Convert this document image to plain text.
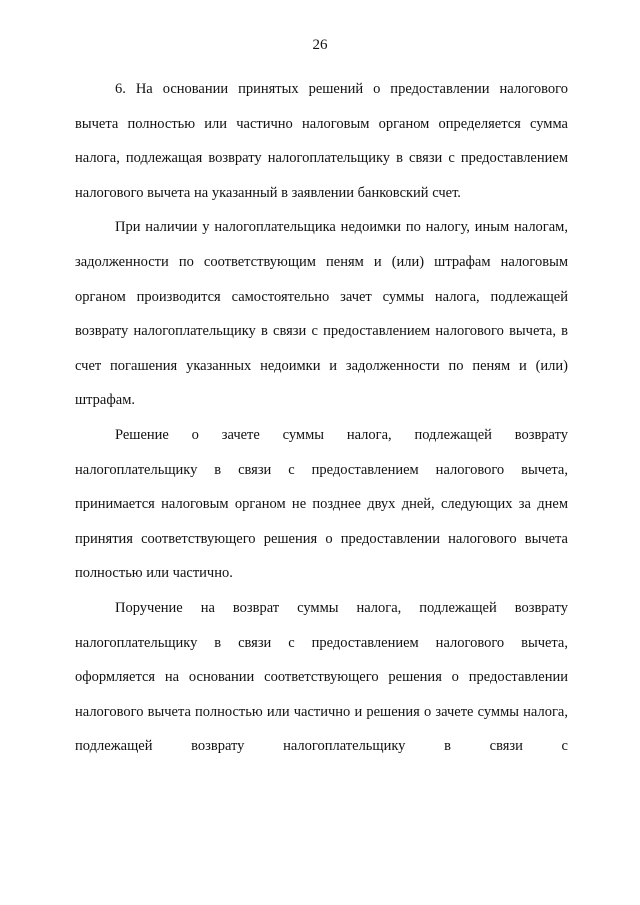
26

6. На основании принятых решений о предоставлении налогового вычета полностью или частично налоговым органом определяется сумма налога, подлежащая возврату налогоплательщику в связи с предоставлением налогового вычета на указанный в заявлении банковский счет.

При наличии у налогоплательщика недоимки по налогу, иным налогам, задолженности по соответствующим пеням и (или) штрафам налоговым органом производится самостоятельно зачет суммы налога, подлежащей возврату налогоплательщику в связи с предоставлением налогового вычета, в счет погашения указанных недоимки и задолженности по пеням и (или) штрафам.

Решение о зачете суммы налога, подлежащей возврату налогоплательщику в связи с предоставлением налогового вычета, принимается налоговым органом не позднее двух дней, следующих за днем принятия соответствующего решения о предоставлении налогового вычета полностью или частично.

Поручение на возврат суммы налога, подлежащей возврату налогоплательщику в связи с предоставлением налогового вычета, оформляется на основании соответствующего решения о предоставлении налогового вычета полностью или частично и решения о зачете суммы налога, подлежащей возврату налогоплательщику в связи с
